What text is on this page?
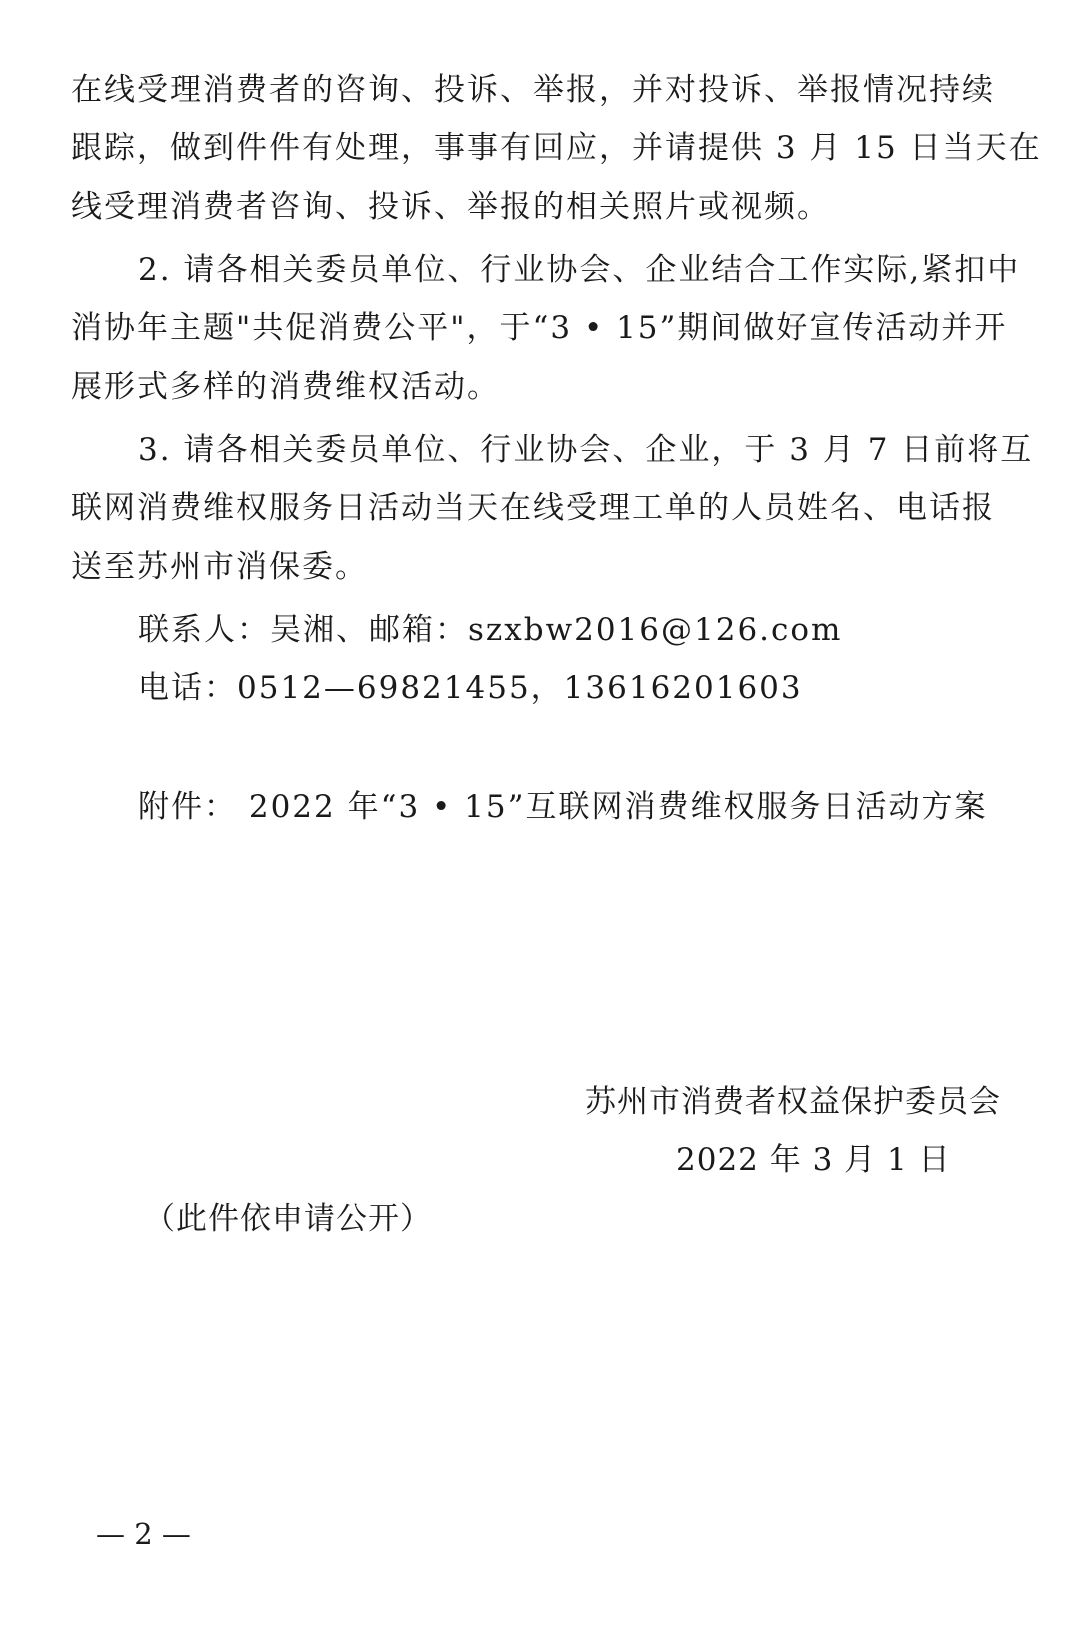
在线受理消费者的咨询、投诉、举报，并对投诉、举报情况持续
跟踪，做到件件有处理，事事有回应，并请提供 3 月 15 日当天在
线受理消费者咨询、投诉、举报的相关照片或视频。
2. 请各相关委员单位、行业协会、企业结合工作实际,紧扣中
消协年主题"共促消费公平"，于“3 • 15”期间做好宣传活动并开
展形式多样的消费维权活动。
3. 请各相关委员单位、行业协会、企业，于 3 月 7 日前将互
联网消费维权服务日活动当天在线受理工单的人员姓名、电话报
送至苏州市消保委。
联系人：吴湘、邮箱：szxbw2016@126.com
电话：0512—69821455，13616201603
附件： 2022 年“3 • 15”互联网消费维权服务日活动方案
苏州市消费者权益保护委员会
2022 年 3 月 1 日
（此件依申请公开）
— 2 —
